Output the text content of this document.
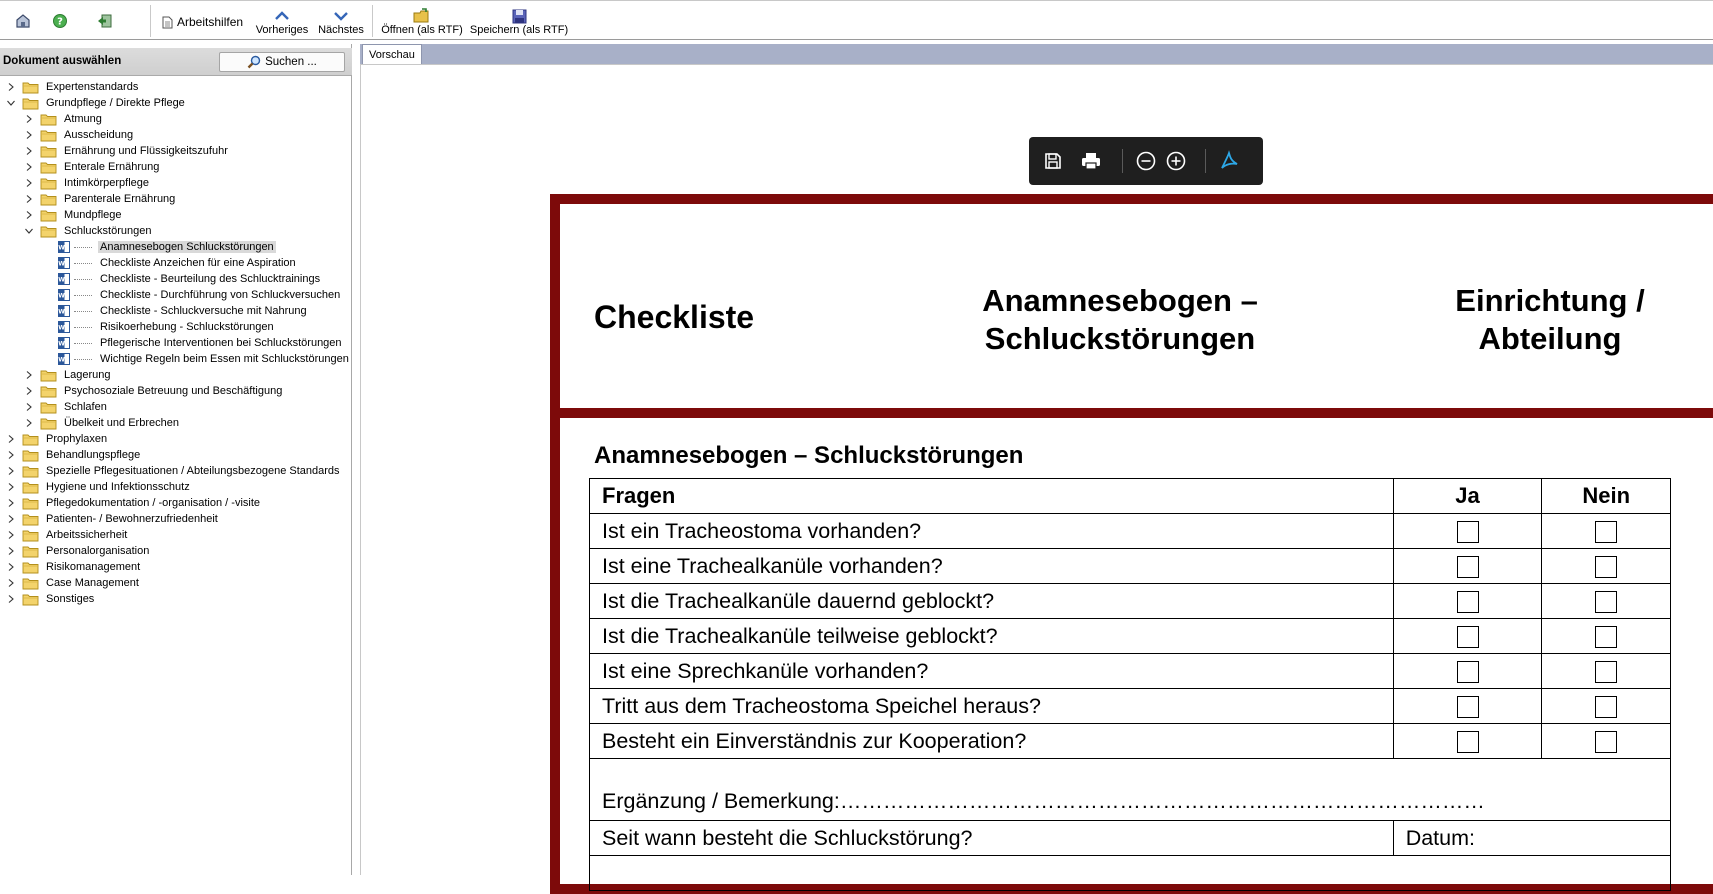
?	Arbeitshilfen
Vorheriges Nächstes Öffnen (als RTF) Speichern (als RTF)
Dokument auswählen	Suchen ...
Expertenstandards
Grundpflege / Direkte Pflege
Atmung
Ausscheidung
Ernährung und Flüssigkeitszufuhr
Enterale Ernährung
Intimkörperpflege
Parenterale Ernährung
Mundpflege
Schluckstörungen
W	Anamnesebogen Schluckstörungen
W	Checkliste Anzeichen für eine Aspiration
W	Checkliste - Beurteilung des Schlucktrainings
W	Checkliste - Durchführung von Schluckversuchen
W	Checkliste - Schluckversuche mit Nahrung
W	Risikoerhebung - Schluckstörungen
W	Pflegerische Interventionen bei Schluckstörungen
W	Wichtige Regeln beim Essen mit Schluckstörungen
Lagerung
Psychosoziale Betreuung und Beschäftigung
Schlafen
Übelkeit und Erbrechen
Prophylaxen
Behandlungspflege
Spezielle Pflegesituationen / Abteilungsbezogene Standards
Hygiene und Infektionsschutz
Pflegedokumentation / -organisation / -visite
Patienten- / Bewohnerzufriedenheit
Arbeitssicherheit
Personalorganisation
Risikomanagement
Case Management
Sonstiges
Vorschau
Checkliste	Anamnesebogen –
Schluckstörungen
Einrichtung /
Abteilung
Anamnesebogen – Schluckstörungen
Fragen	Ja	Nein
Ist ein Tracheostoma vorhanden?		
Ist eine Trachealkanüle vorhanden?		
Ist die Trachealkanüle dauernd geblockt?		
Ist die Trachealkanüle teilweise geblockt?		
Ist eine Sprechkanüle vorhanden?		
Tritt aus dem Tracheostoma Speichel heraus?		
Besteht ein Einverständnis zur Kooperation?		
Ergänzung / Bemerkung:………………………………………………………………………………		
Seit wann besteht die Schluckstörung?	Datum:	
